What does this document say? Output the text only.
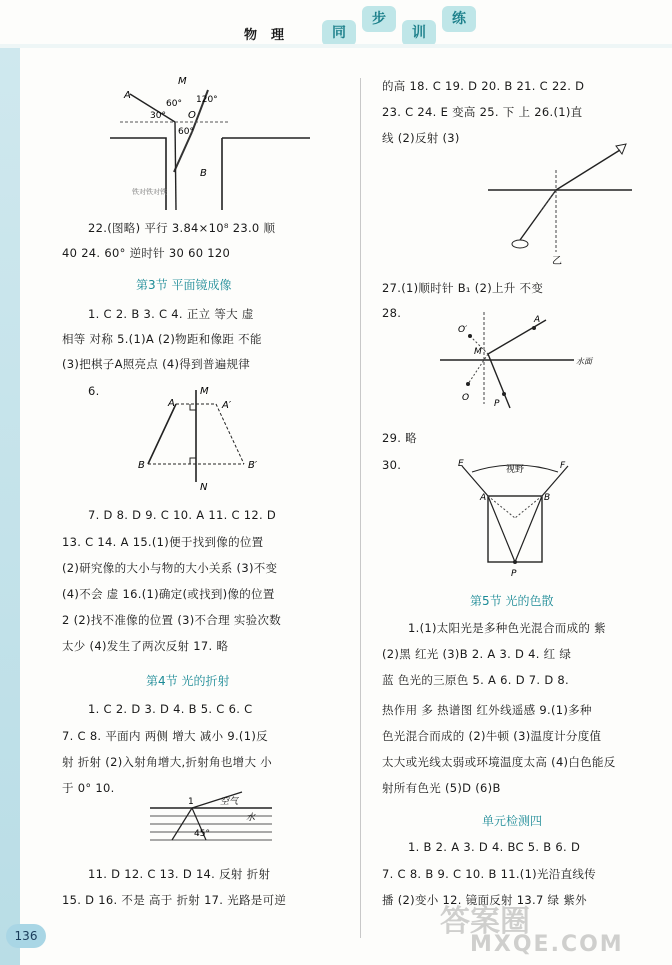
物理	同
步
训
练
M
A
60° 120°
30° O
60°
B
铁对铁对铁
22.(图略) 平行 3.84×10⁸ 23.0 顺
40 24. 60° 逆时针 30 60 120
第3节 平面镜成像
1. C 2. B 3. C 4. 正立 等大 虚
相等 对称 5.(1)A (2)物距和像距 不能
(3)把棋子A照亮点 (4)得到普遍规律
6.	M
A	A′
B	B′
N
7. D 8. D 9. C 10. A 11. C 12. D
13. C 14. A 15.(1)便于找到像的位置
(2)研究像的大小与物的大小关系 (3)不变
(4)不会 虚 16.(1)确定(或找到)像的位置
2 (2)找不准像的位置 (3)不合理 实验次数
太少 (4)发生了两次反射 17. 略
第4节 光的折射
1. C 2. D 3. D 4. B 5. C 6. C
7. C 8. 平面内 两侧 增大 减小 9.(1)反
射 折射 (2)入射角增大,折射角也增大 小
于 0° 10.
1	空气
水
45°
11. D 12. C 13. D 14. 反射 折射
15. D 16. 不是 高于 折射 17. 光路是可逆
的高 18. C 19. D 20. B 21. C 22. D
23. C 24. E 变高 25. 下 上 26.(1)直
线 (2)反射 (3)
乙
27.(1)顺时针 B₁ (2)上升 不变
28.
O′
A
M
水面
O
P
29. 略
30.	E
视野	F
A	B
P
第5节 光的色散
1.(1)太阳光是多种色光混合而成的 紫
(2)黑 红光 (3)B 2. A 3. D 4. 红 绿
蓝 色光的三原色 5. A 6. D 7. D 8.
热作用 多 热谱图 红外线遥感 9.(1)多种
色光混合而成的 (2)牛顿 (3)温度计分度值
太大或光线太弱或环境温度太高 (4)白色能反
射所有色光 (5)D (6)B
单元检测四
1. B 2. A 3. D 4. BC 5. B 6. D
7. C 8. B 9. C 10. B 11.(1)光沿直线传
播 (2)变小 12. 镜面反射 13.7 绿 紫外
136	答案圈
MXQE.COM
